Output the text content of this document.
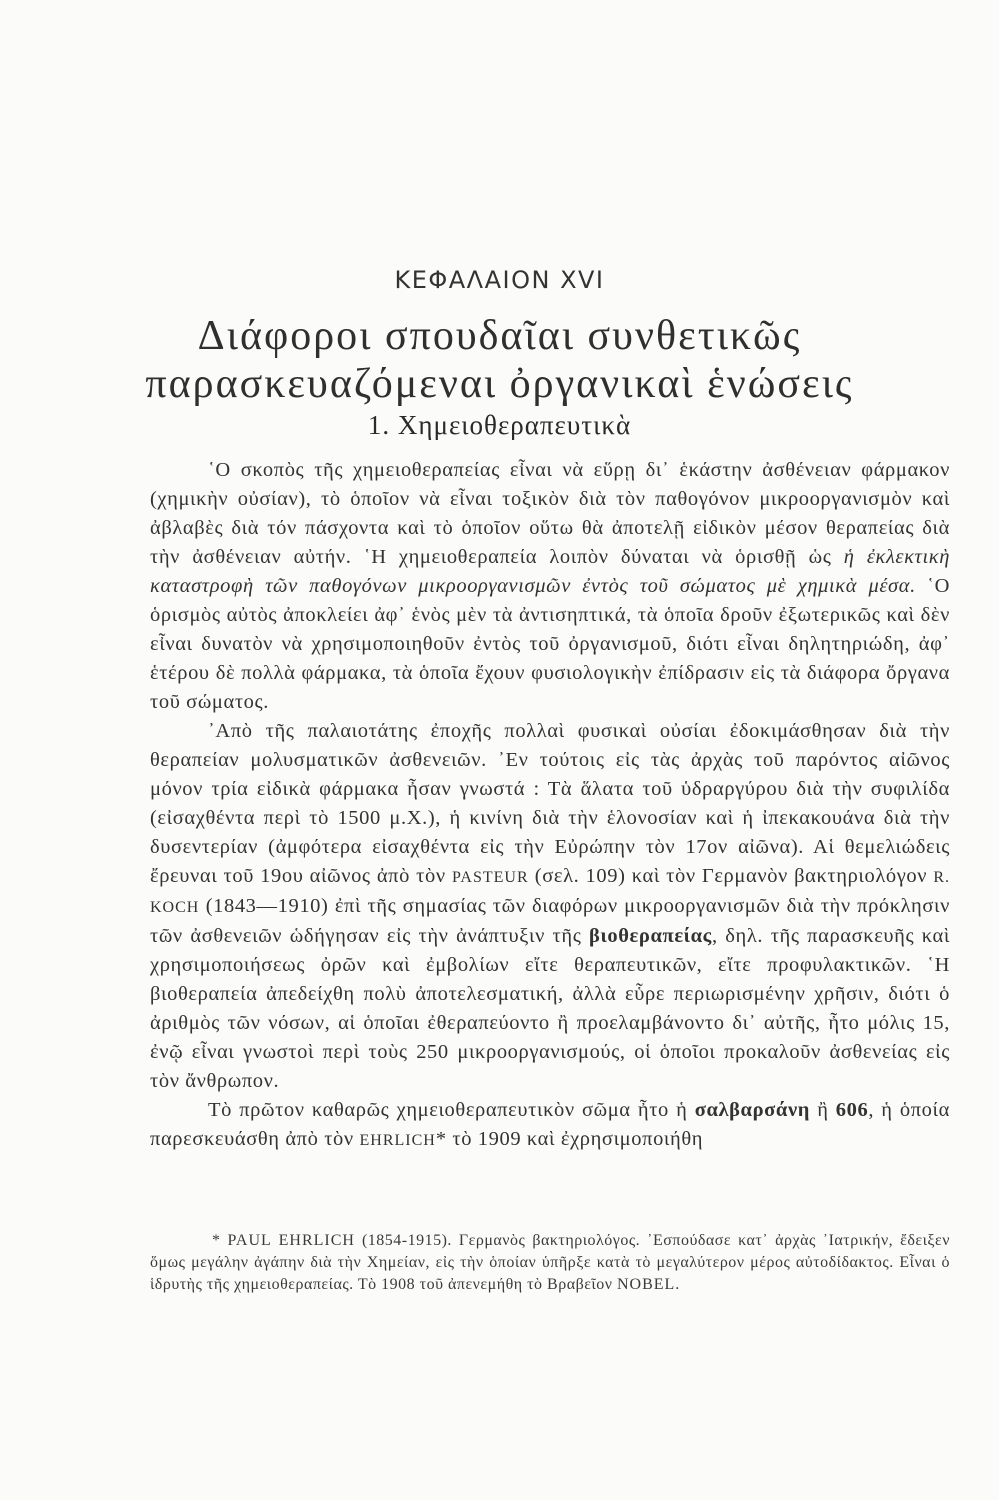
ΚΕΦΑΛΑΙΟΝ XVI
Διάφοροι σπουδαῖαι συνθετικῶς
παρασκευαζόμεναι ὀργανικαὶ ἑνώσεις
1. Χημειοθεραπευτικὰ

῾Ο σκοπὸς τῆς χημειοθεραπείας εἶναι νὰ εὕρῃ δι᾿ ἑκάστην ἀσθένειαν φάρμακον (χημικὴν οὐσίαν), τὸ ὁποῖον νὰ εἶναι τοξικὸν διὰ τὸν παθογόνον μικροοργανισμὸν καὶ ἀβλαβὲς διὰ τόν πάσχοντα καὶ τὸ ὁποῖον οὕτω θὰ ἀποτελῇ εἰδικὸν μέσον θεραπείας διὰ τὴν ἀσθένειαν αὐτήν. ῾Η χημειοθεραπεία λοιπὸν δύναται νὰ ὁρισθῇ ὡς ἡ ἐκλεκτικὴ καταστροφὴ τῶν παθογόνων μικροοργανισμῶν ἐντὸς τοῦ σώματος μὲ χημικὰ μέσα. ῾Ο ὁρισμὸς αὐτὸς ἀποκλείει ἀφ᾿ ἑνὸς μὲν τὰ ἀντισηπτικά, τὰ ὁποῖα δροῦν ἐξωτερικῶς καὶ δὲν εἶναι δυνατὸν νὰ χρησιμοποιηθοῦν ἐντὸς τοῦ ὀργανισμοῦ, διότι εἶναι δηλητηριώδη, ἀφ᾿ ἑτέρου δὲ πολλὰ φάρμακα, τὰ ὁποῖα ἔχουν φυσιολογικὴν ἐπίδρασιν εἰς τὰ διάφορα ὄργανα τοῦ σώματος.

᾿Απὸ τῆς παλαιοτάτης ἐποχῆς πολλαὶ φυσικαὶ οὐσίαι ἐδοκιμάσθησαν διὰ τὴν θεραπείαν μολυσματικῶν ἀσθενειῶν. ᾿Εν τούτοις εἰς τὰς ἀρχὰς τοῦ παρόντος αἰῶνος μόνον τρία εἰδικὰ φάρμακα ἦσαν γνωστά : Τὰ ἅλατα τοῦ ὑδραργύρου διὰ τὴν συφιλίδα (εἰσαχθέντα περὶ τὸ 1500 μ.Χ.), ἡ κινίνη διὰ τὴν ἑλονοσίαν καὶ ἡ ἰπεκακουάνα διὰ τὴν δυσεντερίαν (ἀμφότερα εἰσαχθέντα εἰς τὴν Εὐρώπην τὸν 17ον αἰῶνα). Αἱ θεμελιώδεις ἔρευναι τοῦ 19ου αἰῶνος ἀπὸ τὸν PASTEUR (σελ. 109) καὶ τὸν Γερμανὸν βακτηριολόγον R. KOCH (1843—1910) ἐπὶ τῆς σημασίας τῶν διαφόρων μικροοργανισμῶν διὰ τὴν πρόκλησιν τῶν ἀσθενειῶν ὡδήγησαν εἰς τὴν ἀνάπτυξιν τῆς βιοθεραπείας, δηλ. τῆς παρασκευῆς καὶ χρησιμοποιήσεως ὀρῶν καὶ ἐμβολίων εἴτε θεραπευτικῶν, εἴτε προφυλακτικῶν. ῾Η βιοθεραπεία ἀπεδείχθη πολὺ ἀποτελεσματική, ἀλλὰ εὗρε περιωρισμένην χρῆσιν, διότι ὁ ἀριθμὸς τῶν νόσων, αἱ ὁποῖαι ἐθεραπεύοντο ἢ προελαμβάνοντο δι᾿ αὐτῆς, ἦτο μόλις 15, ἐνῷ εἶναι γνωστοὶ περὶ τοὺς 250 μικροοργανισμούς, οἱ ὁποῖοι προκαλοῦν ἀσθενείας εἰς τὸν ἄνθρωπον.

Τὸ πρῶτον καθαρῶς χημειοθεραπευτικὸν σῶμα ἦτο ἡ σαλβαρσάνη ἢ 606, ἡ ὁποία παρεσκευάσθη ἀπὸ τὸν EHRLICH* τὸ 1909 καὶ ἐχρησιμοποιήθη

* PAUL EHRLICH (1854-1915). Γερμανὸς βακτηριολόγος. ᾿Εσπούδασε κατ᾿ ἀρχὰς ᾿Ιατρικήν, ἔδειξεν ὅμως μεγάλην ἀγάπην διὰ τὴν Χημείαν, εἰς τὴν ὁποίαν ὑπῆρξε κατὰ τὸ μεγαλύτερον μέρος αὐτοδίδακτος. Εἶναι ὁ ἱδρυτὴς τῆς χημειοθεραπείας. Τὸ 1908 τοῦ ἀπενεμήθη τὸ Βραβεῖον NOBEL.
